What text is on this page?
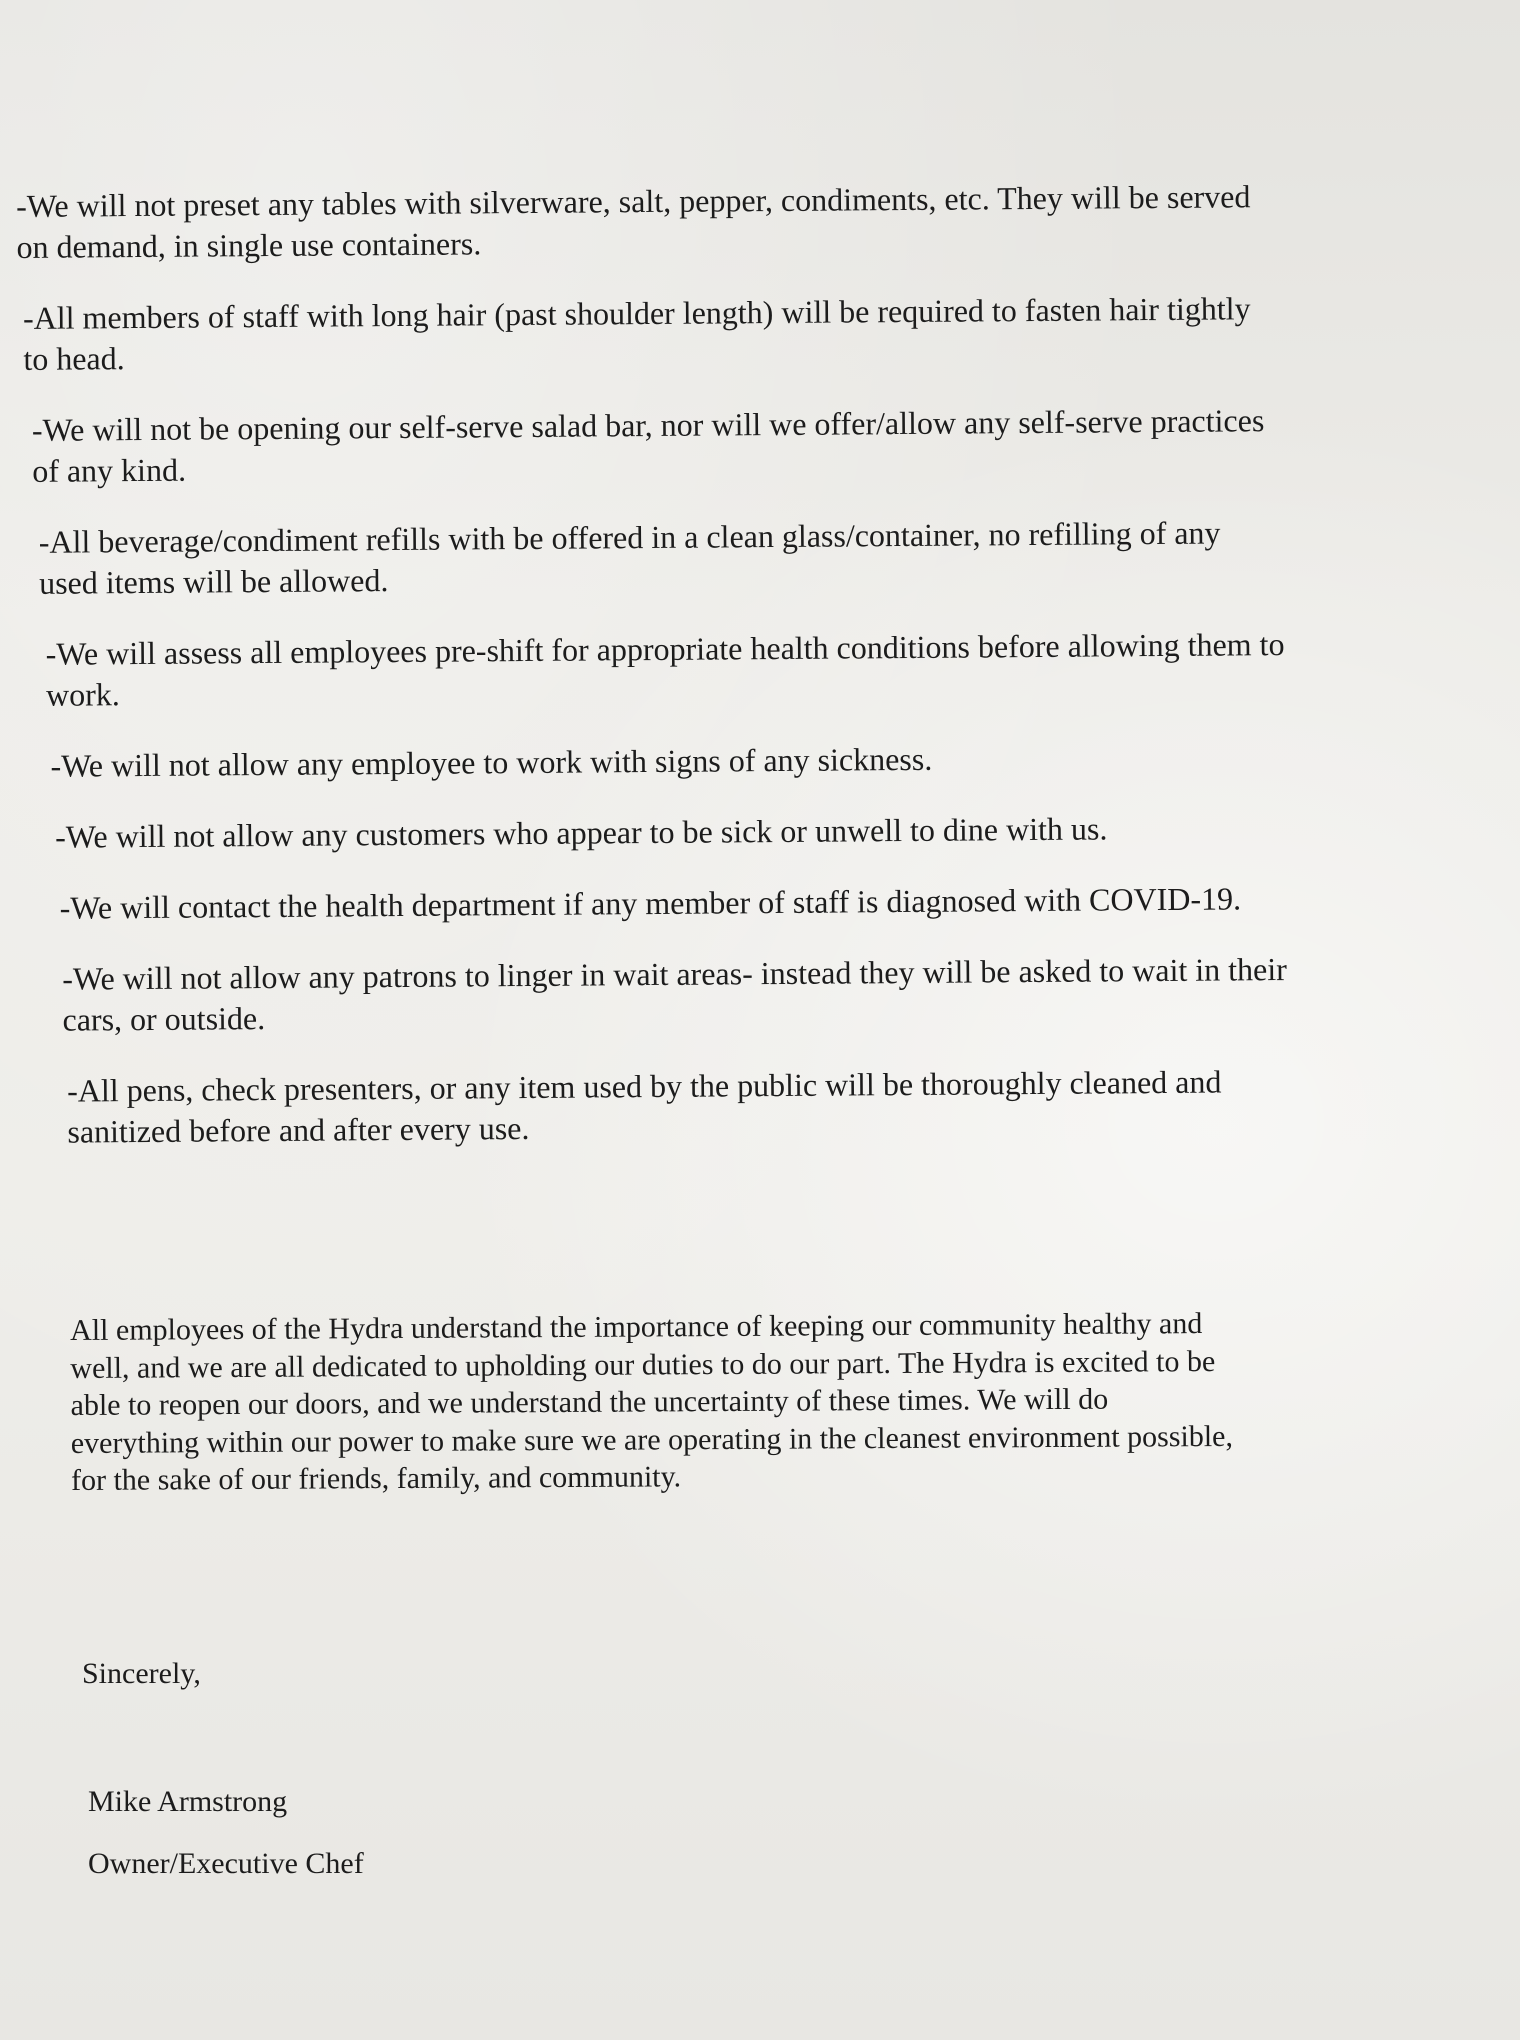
-We will not preset any tables with silverware, salt, pepper, condiments, etc. They will be served
on demand, in single use containers.
-All members of staff with long hair (past shoulder length) will be required to fasten hair tightly
to head.
-We will not be opening our self-serve salad bar, nor will we offer/allow any self-serve practices
of any kind.
-All beverage/condiment refills with be offered in a clean glass/container, no refilling of any
used items will be allowed.
-We will assess all employees pre-shift for appropriate health conditions before allowing them to
work.
-We will not allow any employee to work with signs of any sickness.
-We will not allow any customers who appear to be sick or unwell to dine with us.
-We will contact the health department if any member of staff is diagnosed with COVID-19.
-We will not allow any patrons to linger in wait areas- instead they will be asked to wait in their
cars, or outside.
-All pens, check presenters, or any item used by the public will be thoroughly cleaned and
sanitized before and after every use.

All employees of the Hydra understand the importance of keeping our community healthy and
well, and we are all dedicated to upholding our duties to do our part. The Hydra is excited to be
able to reopen our doors, and we understand the uncertainty of these times. We will do
everything within our power to make sure we are operating in the cleanest environment possible,
for the sake of our friends, family, and community.

Sincerely,

Mike Armstrong

Owner/Executive Chef
